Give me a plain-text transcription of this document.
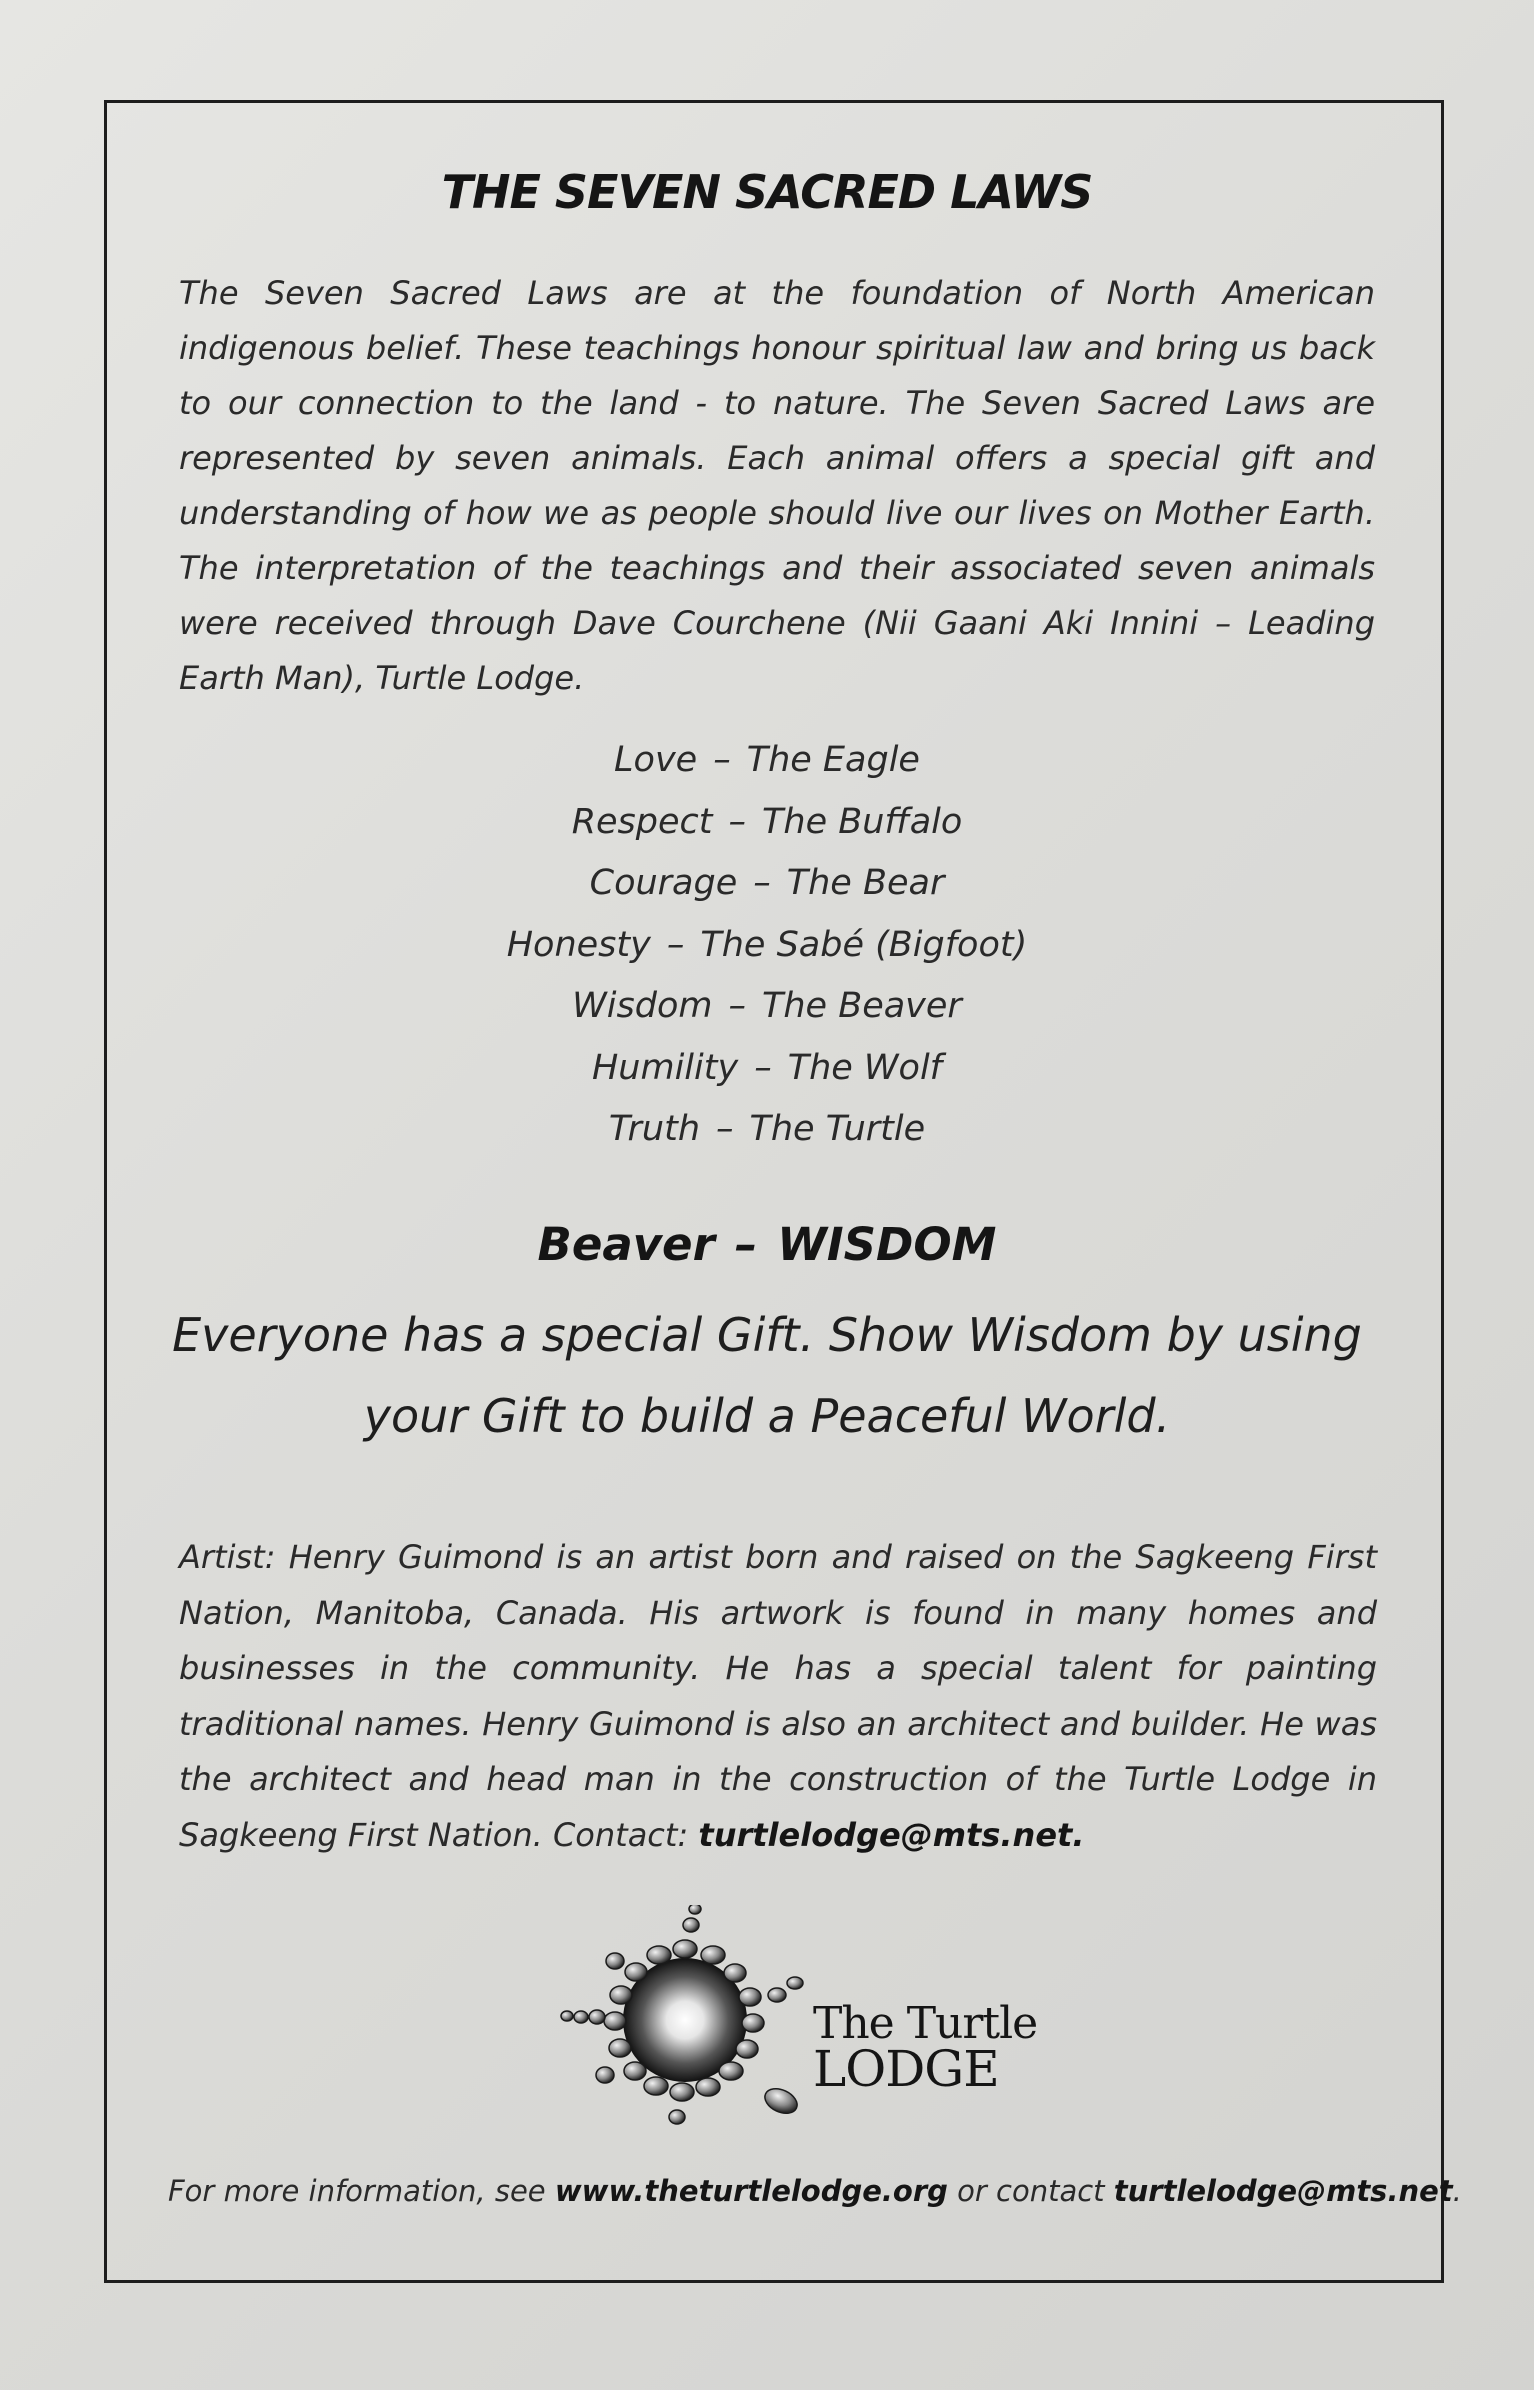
THE SEVEN SACRED LAWS

The Seven Sacred Laws are at the foundation of North American indigenous belief. These teachings honour spiritual law and bring us back to our connection to the land - to nature. The Seven Sacred Laws are represented by seven animals. Each animal offers a special gift and understanding of how we as people should live our lives on Mother Earth. The interpretation of the teachings and their associated seven animals were received through Dave Courchene (Nii Gaani Aki Innini – Leading Earth Man), Turtle Lodge.

Love – The Eagle
Respect – The Buffalo
Courage – The Bear
Honesty – The Sabé (Bigfoot)
Wisdom – The Beaver
Humility – The Wolf
Truth – The Turtle
Beaver – WISDOM

Everyone has a special Gift. Show Wisdom by using
your Gift to build a Peaceful World.

Artist: Henry Guimond is an artist born and raised on the Sagkeeng First Nation, Manitoba, Canada. His artwork is found in many homes and businesses in the community. He has a special talent for painting traditional names. Henry Guimond is also an architect and builder. He was the architect and head man in the construction of the Turtle Lodge in Sagkeeng First Nation. Contact: turtlelodge@mts.net.

The Turtle
LODGE
For more information, see www.theturtlelodge.org or contact turtlelodge@mts.net.
